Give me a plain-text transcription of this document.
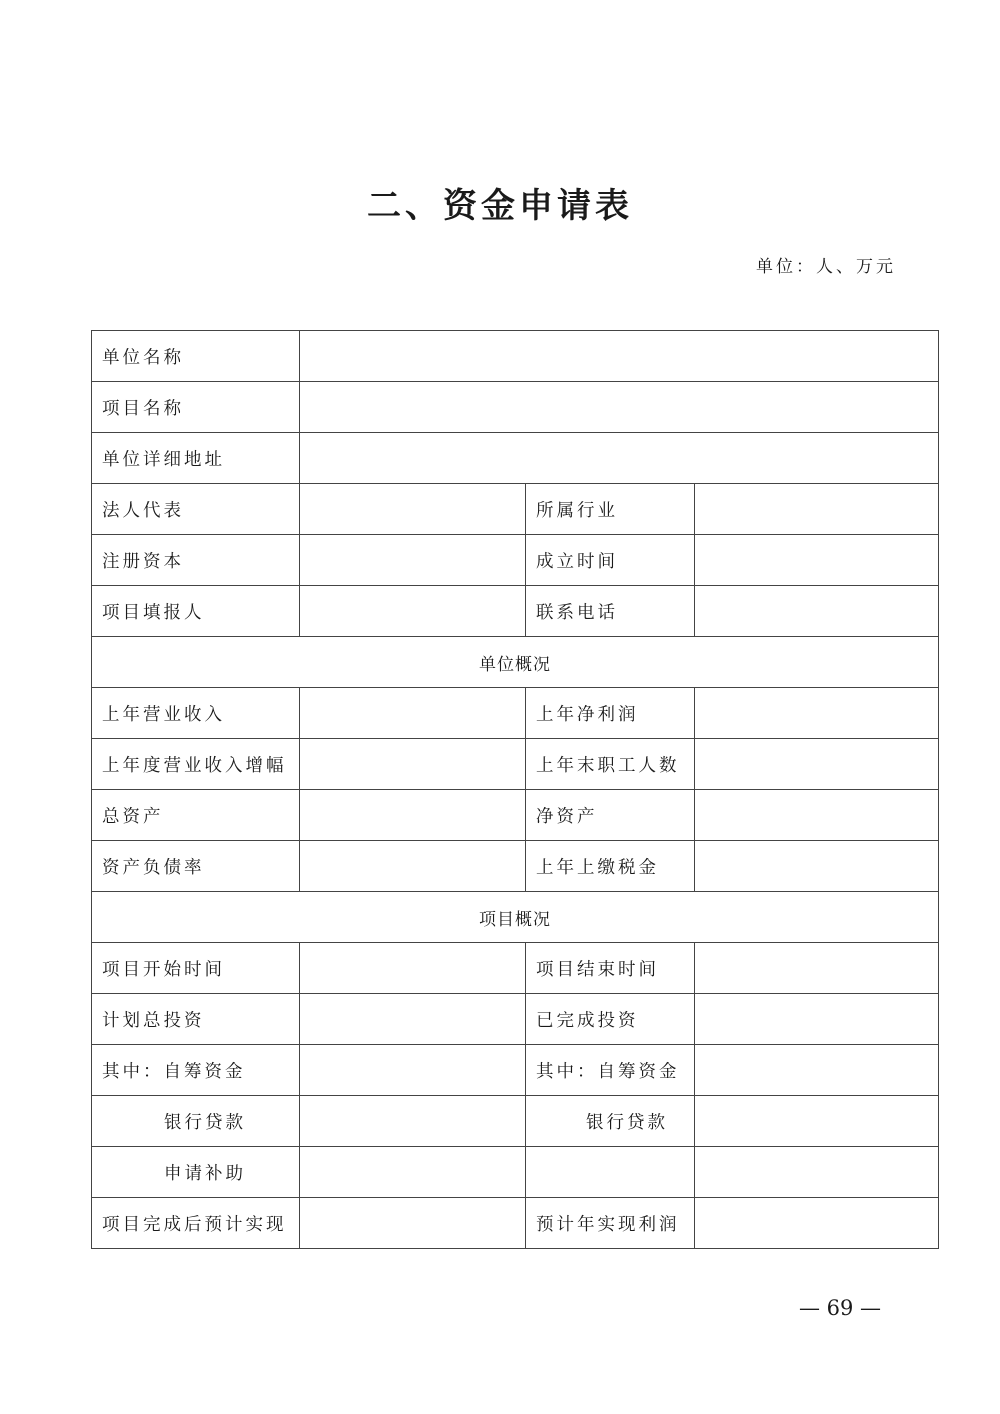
二、资金申请表
单位：人、万元
单位名称			
项目名称			
单位详细地址			
法人代表		所属行业	
注册资本		成立时间	
项目填报人		联系电话	
单位概况			
上年营业收入		上年净利润	
上年度营业收入增幅		上年末职工人数	
总资产		净资产	
资产负债率		上年上缴税金	
项目概况			
项目开始时间		项目结束时间	
计划总投资		已完成投资	
其中：自筹资金		其中：自筹资金	
银行贷款		银行贷款	
申请补助			
项目完成后预计实现		预计年实现利润	
— 69 —
